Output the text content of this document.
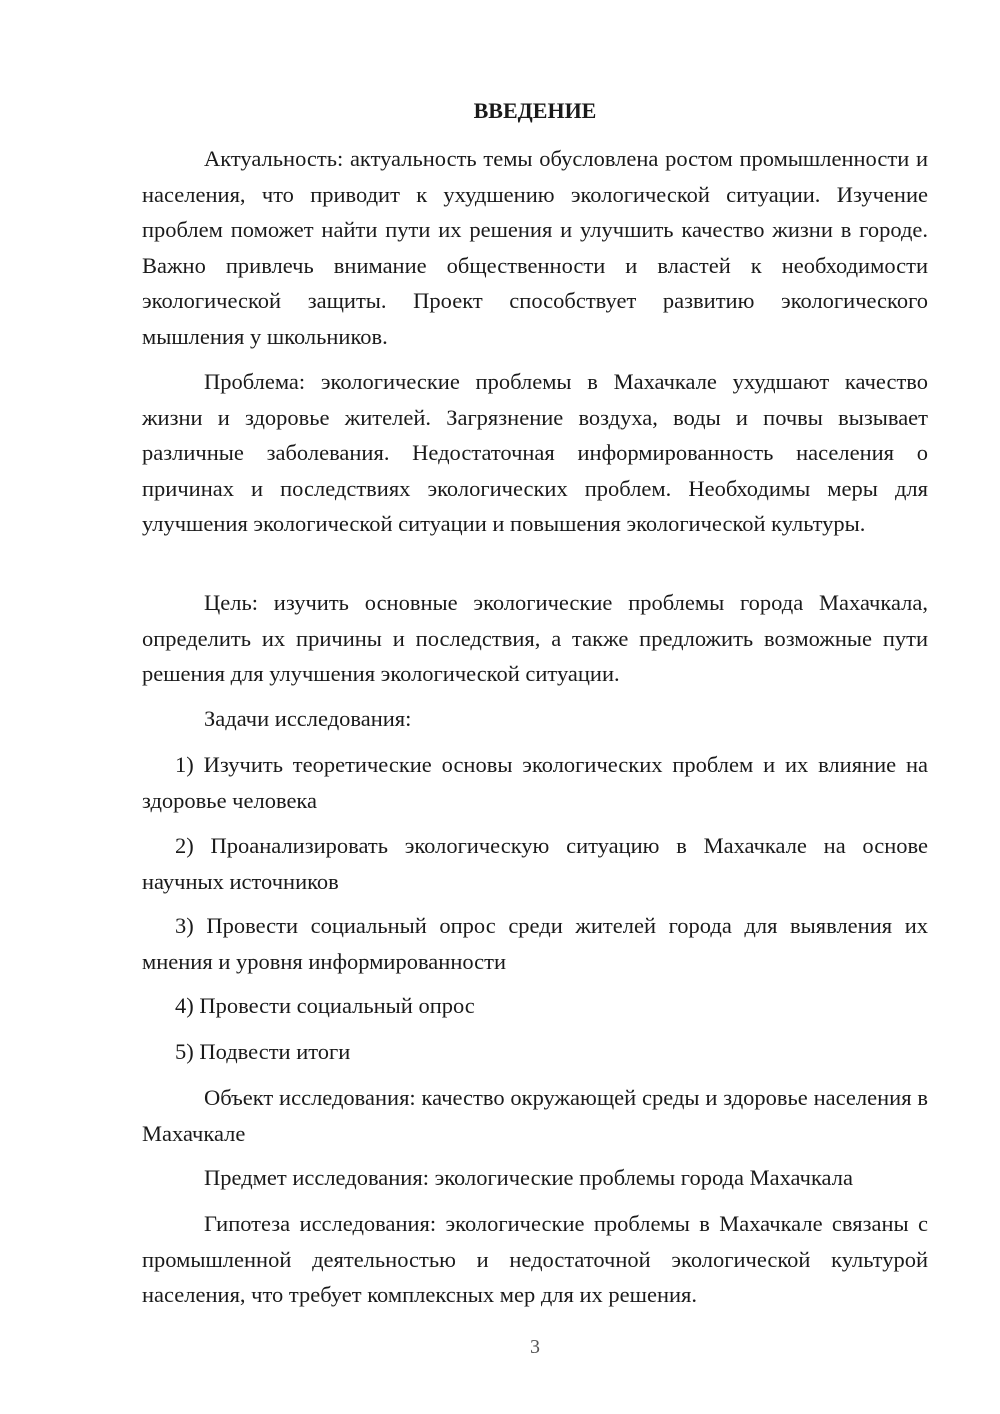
ВВЕДЕНИЕ

Актуальность: актуальность темы обусловлена ростом промышленности и населения, что приводит к ухудшению экологической ситуации. Изучение проблем поможет найти пути их решения и улучшить качество жизни в городе. Важно привлечь внимание общественности и властей к необходимости экологической защиты. Проект способствует развитию экологического мышления у школьников.

Проблема: экологические проблемы в Махачкале ухудшают качество жизни и здоровье жителей. Загрязнение воздуха, воды и почвы вызывает различные заболевания. Недостаточная информированность населения о причинах и последствиях экологических проблем. Необходимы меры для улучшения экологической ситуации и повышения экологической культуры.

Цель: изучить основные экологические проблемы города Махачкала, определить их причины и последствия, а также предложить возможные пути решения для улучшения экологической ситуации.

Задачи исследования:

1) Изучить теоретические основы экологических проблем и их влияние на здоровье человека

2) Проанализировать экологическую ситуацию в Махачкале на основе научных источников

3) Провести социальный опрос среди жителей города для выявления их мнения и уровня информированности

4) Провести социальный опрос

5) Подвести итоги

Объект исследования: качество окружающей среды и здоровье населения в Махачкале

Предмет исследования: экологические проблемы города Махачкала

Гипотеза исследования: экологические проблемы в Махачкале связаны с промышленной деятельностью и недостаточной экологической культурой населения, что требует комплексных мер для их решения.

3
